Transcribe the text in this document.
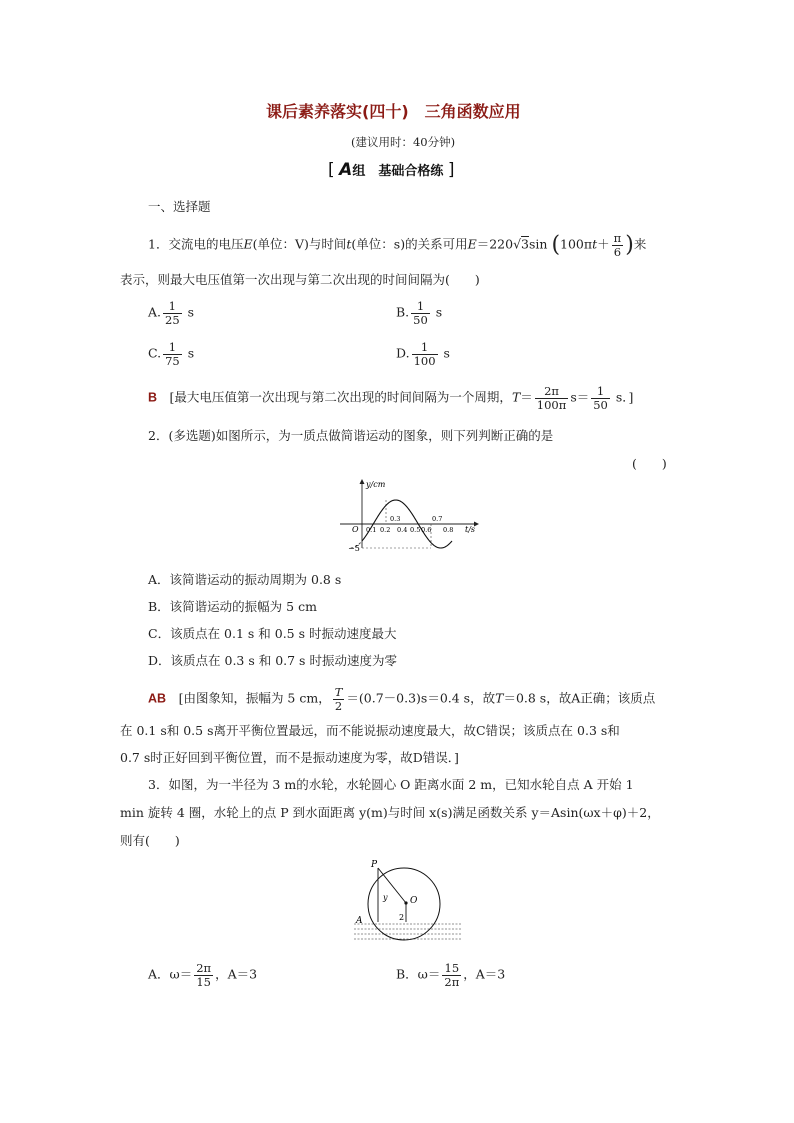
课后素养落实(四十)　三角函数应用
(建议用时：40分钟)
[ A组　基础合格练 ]
一、选择题
1．交流电的电压E(单位：V)与时间t(单位：s)的关系可用E＝220√3sin ($100\pi t+ \frac{\pi}{6}$ )来
表示，则最大电压值第一次出现与第二次出现的时间间隔为(　　)
A. $\frac{1}{25}$ s	B. $\frac{1}{50}$ s
C. $\frac{1}{75}$ s	D. $\frac{1}{100}$ s
B　 [最大电压值第一次出现与第二次出现的时间间隔为一个周期，$T= \frac{2\pi}{100\pi} s= \frac{1}{50}$ s．]
2．(多选题)如图所示，为一质点做简谐运动的图象，则下列判断正确的是
(　　)
y/cm
t/s
O
−5
0.1 0.2 0.4 0.5 0.6 0.8
0.3	0.7
A．该简谐运动的振动周期为 0.8 s
B．该简谐运动的振幅为 5 cm
C．该质点在 0.1 s 和 0.5 s 时振动速度最大
D．该质点在 0.3 s 和 0.7 s 时振动速度为零
AB　 [由图象知，振幅为 5 cm， $\frac{T}{2} =(0.7-0.3)s=0.4$ s，故T＝0.8 s，故A正确；该质点
在 0.1 s和 0.5 s离开平衡位置最远，而不能说振动速度最大，故C错误；该质点在 0.3 s和
0.7 s时正好回到平衡位置，而不是振动速度为零，故D错误．]
3．如图，为一半径为 3 m的水轮，水轮圆心 O 距离水面 2 m，已知水轮自点 A 开始 1
min 旋转 4 圈，水轮上的点 P 到水面距离 y(m)与时间 x(s)满足函数关系 y＝Asin(ωx＋φ)＋2，
则有(　　)
P
O
A
y
2
A．$\omega= \frac{2\pi}{15}$ ，A＝3	B．$\omega= \frac{15}{2\pi}$ ，A＝3
